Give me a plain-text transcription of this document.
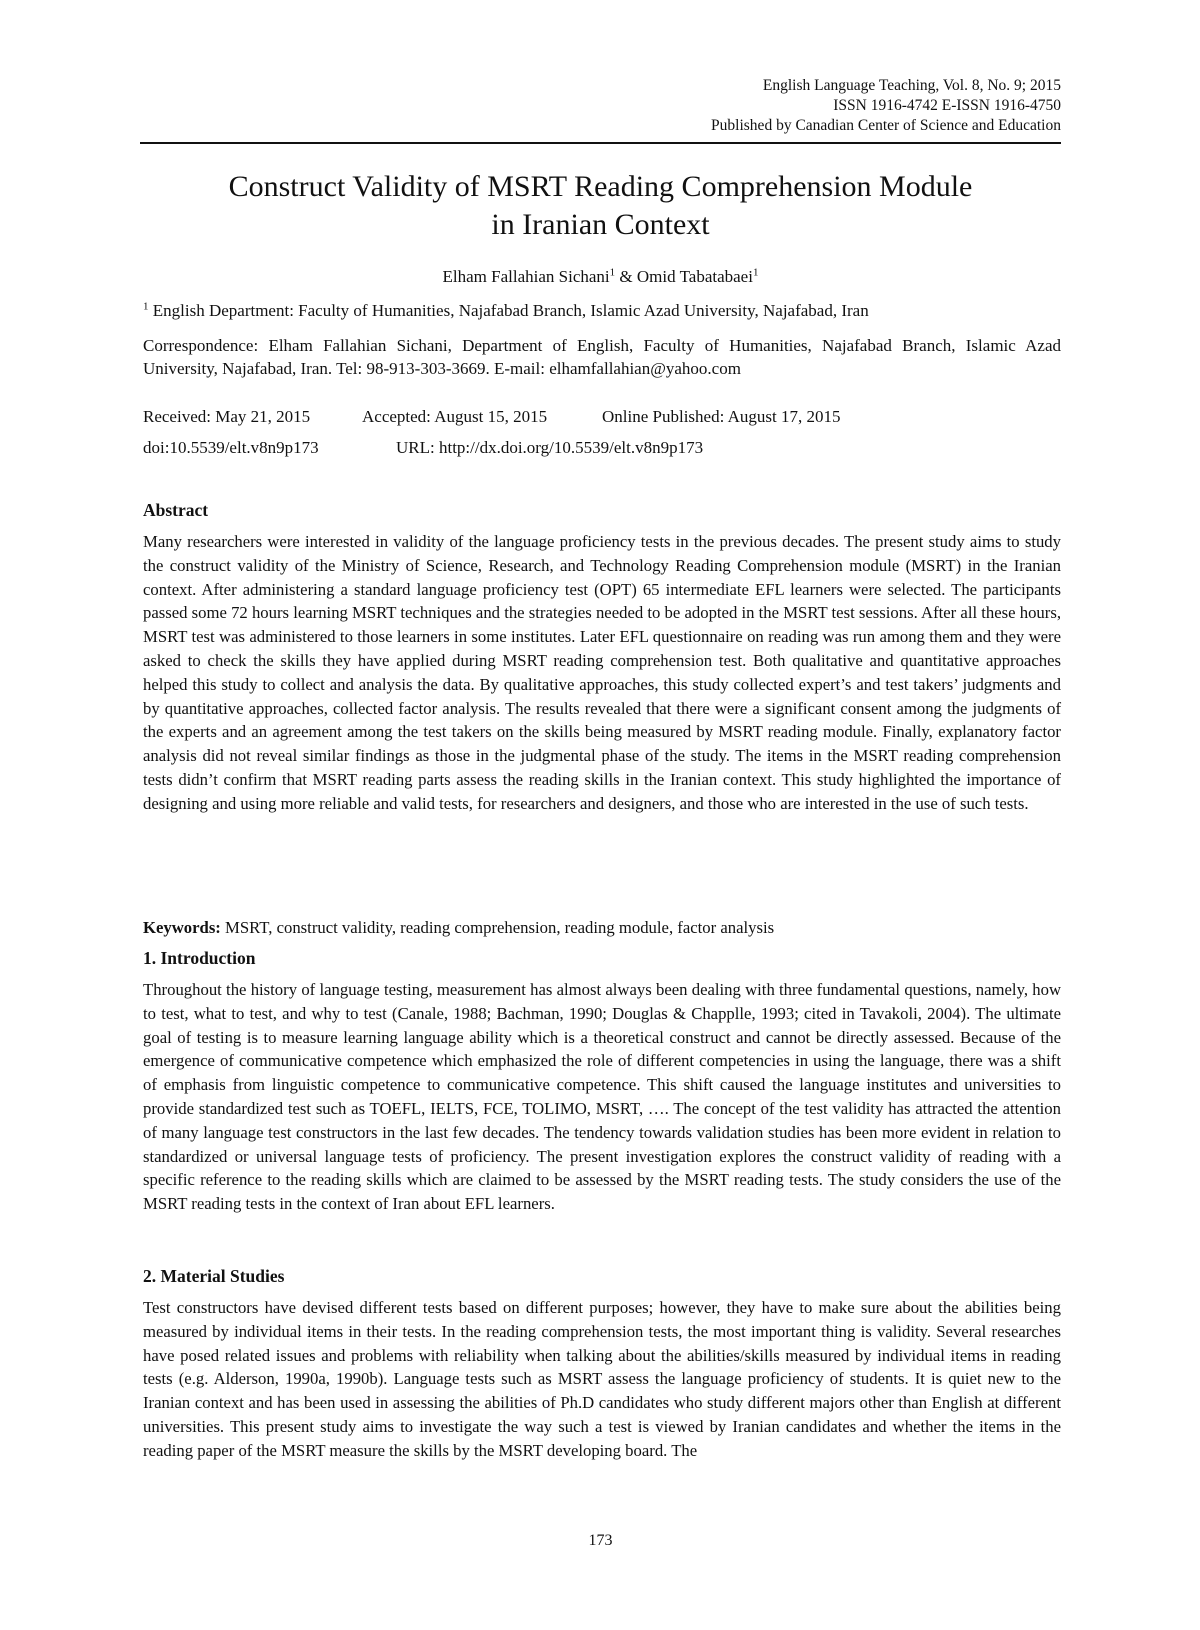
English Language Teaching, Vol. 8, No. 9; 2015
ISSN 1916-4742 E-ISSN 1916-4750
Published by Canadian Center of Science and Education
Construct Validity of MSRT Reading Comprehension Module
in Iranian Context
Elham Fallahian Sichani$^1$ & Omid Tabatabaei$^1$
$^1$ English Department: Faculty of Humanities, Najafabad Branch, Islamic Azad University, Najafabad, Iran
Correspondence: Elham Fallahian Sichani, Department of English, Faculty of Humanities, Najafabad Branch, Islamic Azad University, Najafabad, Iran. Tel: 98-913-303-3669. E-mail: elhamfallahian@yahoo.com
Received: May 21, 2015	Accepted: August 15, 2015	Online Published: August 17, 2015
doi:10.5539/elt.v8n9p173	URL: http://dx.doi.org/10.5539/elt.v8n9p173
Abstract
Many researchers were interested in validity of the language proficiency tests in the previous decades. The present study aims to study the construct validity of the Ministry of Science, Research, and Technology Reading Comprehension module (MSRT) in the Iranian context. After administering a standard language proficiency test (OPT) 65 intermediate EFL learners were selected. The participants passed some 72 hours learning MSRT techniques and the strategies needed to be adopted in the MSRT test sessions. After all these hours, MSRT test was administered to those learners in some institutes. Later EFL questionnaire on reading was run among them and they were asked to check the skills they have applied during MSRT reading comprehension test. Both qualitative and quantitative approaches helped this study to collect and analysis the data. By qualitative approaches, this study collected expert’s and test takers’ judgments and by quantitative approaches, collected factor analysis. The results revealed that there were a significant consent among the judgments of the experts and an agreement among the test takers on the skills being measured by MSRT reading module. Finally, explanatory factor analysis did not reveal similar findings as those in the judgmental phase of the study. The items in the MSRT reading comprehension tests didn’t confirm that MSRT reading parts assess the reading skills in the Iranian context. This study highlighted the importance of designing and using more reliable and valid tests, for researchers and designers, and those who are interested in the use of such tests.
Keywords: MSRT, construct validity, reading comprehension, reading module, factor analysis
1. Introduction
Throughout the history of language testing, measurement has almost always been dealing with three fundamental questions, namely, how to test, what to test, and why to test (Canale, 1988; Bachman, 1990; Douglas & Chapplle, 1993; cited in Tavakoli, 2004). The ultimate goal of testing is to measure learning language ability which is a theoretical construct and cannot be directly assessed. Because of the emergence of communicative competence which emphasized the role of different competencies in using the language, there was a shift of emphasis from linguistic competence to communicative competence. This shift caused the language institutes and universities to provide standardized test such as TOEFL, IELTS, FCE, TOLIMO, MSRT, …. The concept of the test validity has attracted the attention of many language test constructors in the last few decades. The tendency towards validation studies has been more evident in relation to standardized or universal language tests of proficiency. The present investigation explores the construct validity of reading with a specific reference to the reading skills which are claimed to be assessed by the MSRT reading tests. The study considers the use of the MSRT reading tests in the context of Iran about EFL learners.
2. Material Studies
Test constructors have devised different tests based on different purposes; however, they have to make sure about the abilities being measured by individual items in their tests. In the reading comprehension tests, the most important thing is validity. Several researches have posed related issues and problems with reliability when talking about the abilities/skills measured by individual items in reading tests (e.g. Alderson, 1990a, 1990b). Language tests such as MSRT assess the language proficiency of students. It is quiet new to the Iranian context and has been used in assessing the abilities of Ph.D candidates who study different majors other than English at different universities. This present study aims to investigate the way such a test is viewed by Iranian candidates and whether the items in the reading paper of the MSRT measure the skills by the MSRT developing board. The
173
